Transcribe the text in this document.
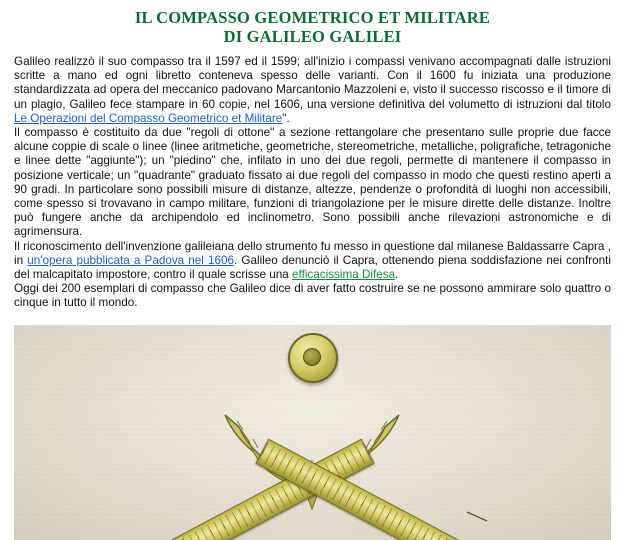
IL COMPASSO GEOMETRICO ET MILITARE
DI GALILEO GALILEI

Galileo realizzò il suo compasso tra il 1597 ed il 1599; all'inizio i compassi venivano accompagnati dalle istruzioni scritte a mano ed ogni libretto conteneva spesso delle varianti. Con il 1600 fu iniziata una produzione standardizzata ad opera del meccanico padovano Marcantonio Mazzoleni e, visto il successo riscosso e il timore di un plagio, Galileo fece stampare in 60 copie, nel 1606, una versione definitiva del volumetto di istruzioni dal titolo Le Operazioni del Compasso Geometrico et Militare".

Il compasso è costituito da due "regoli di ottone" a sezione rettangolare che presentano sulle proprie due facce alcune coppie di scale o linee (linee aritmetiche, geometriche, stereometriche, metalliche, poligrafiche, tetragoniche e linee dette "aggiunte"); un "piedino" che, infilato in uno dei due regoli, permette di mantenere il compasso in posizione verticale; un "quadrante" graduato fissato ai due regoli del compasso in modo che questi restino aperti a 90 gradi. In particolare sono possibili misure di distanze, altezze, pendenze o profondità di luoghi non accessibili, come spesso si trovavano in campo militare, funzioni di triangolazione per le misure dirette delle distanze. Inoltre può fungere anche da archipendolo ed inclinometro. Sono possibili anche rilevazioni astronomiche e di agrimensura.

Il riconoscimento dell'invenzione galileiana dello strumento fu messo in questione dal milanese Baldassarre Capra , in un'opera pubblicata a Padova nel 1606. Galileo denunciò il Capra, ottenendo piena soddisfazione nei confronti del malcapitato impostore, contro il quale scrisse una efficacissima Difesa.

Oggi dei 200 esemplari di compasso che Galileo dice di aver fatto costruire se ne possono ammirare solo quattro o cinque in tutto il mondo.
